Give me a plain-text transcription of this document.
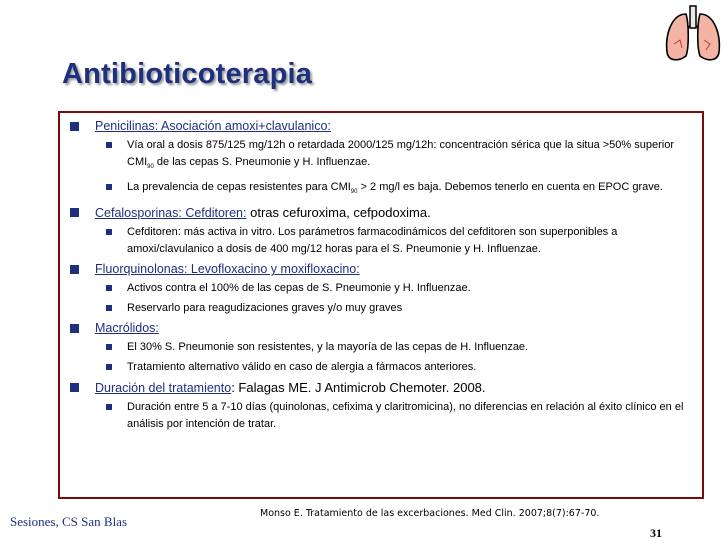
Antibioticoterapia
Penicilinas: Asociación amoxi+clavulanico:
Vía oral a dosis 875/125 mg/12h o retardada 2000/125 mg/12h: concentración sérica que la situa >50% superior $CMI_{90}$ de las cepas S. Pneumonie y H. Influenzae.
La prevalencia de cepas resistentes para $CMI_{90} > 2$ mg/l es baja. Debemos tenerlo en cuenta en EPOC grave.
Cefalosporinas: Cefditoren: otras cefuroxima, cefpodoxima.
Cefditoren: más activa in vitro. Los parámetros farmacodinámicos del cefditoren son superponibles a amoxi/clavulanico a dosis de 400 mg/12 horas para el S. Pneumonie y H. Influenzae.
Fluorquinolonas: Levofloxacino y moxifloxacino:
Activos contra el 100% de las cepas de S. Pneumonie y H. Influenzae.
Reservarlo para reagudizaciones graves y/o muy graves
Macrólidos:
El 30% S. Pneumonie son resistentes, y la mayoría de las cepas de H. Influenzae.
Tratamiento alternativo válido en caso de alergia a fármacos anteriores.
Duración del tratamiento: Falagas ME. J Antimicrob Chemoter. 2008.
Duración entre 5 a 7-10 días (quinolonas, cefixima y claritromicina), no diferencias en relación al éxito clínico en el análisis por intención de tratar.
Sesiones, CS San Blas
Monso E. Tratamiento de las excerbaciones. Med Clin. 2007;8(7):67-70.
31
